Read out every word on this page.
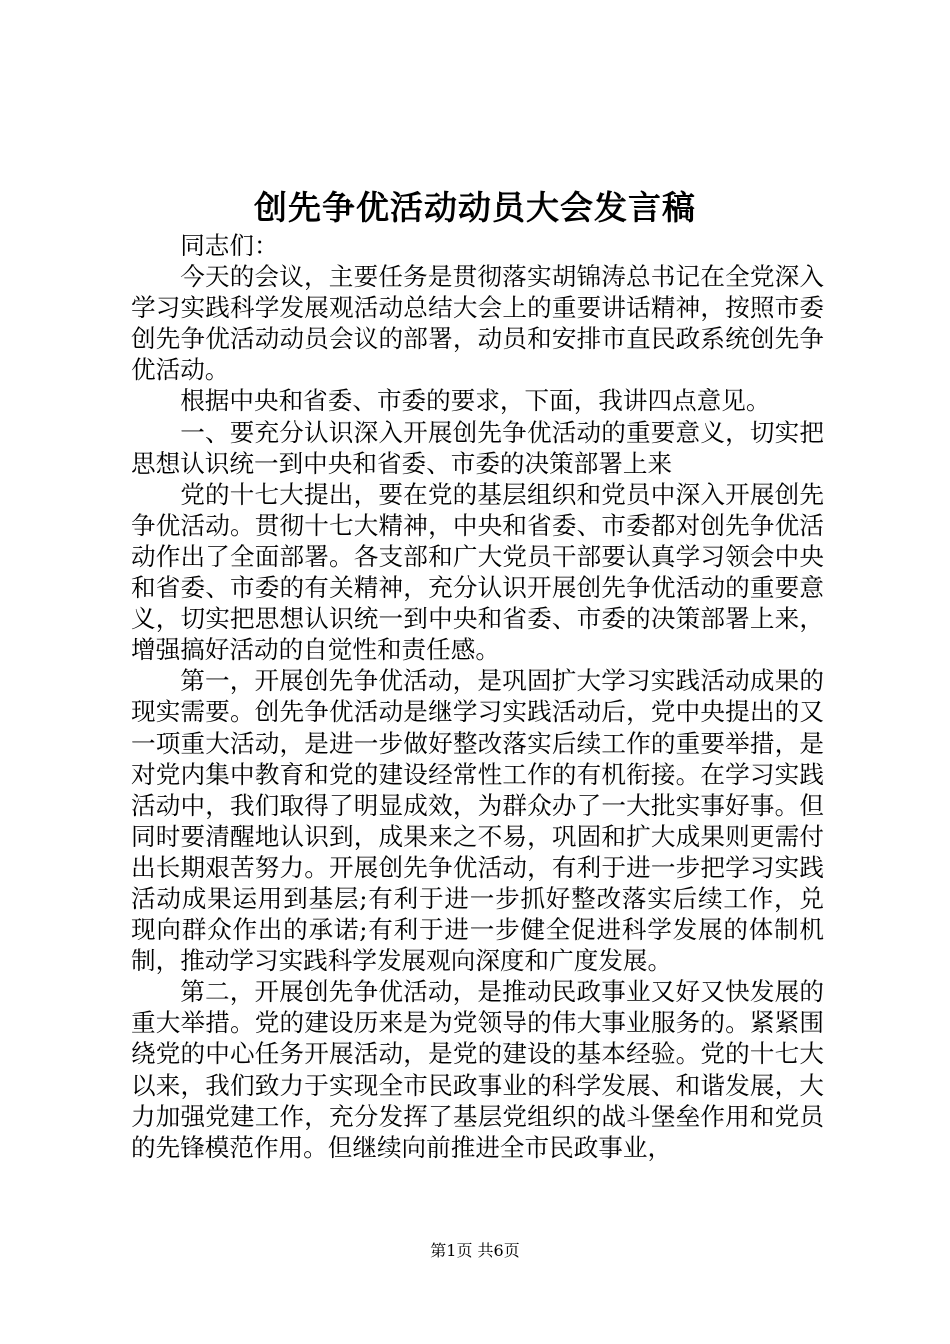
创先争优活动动员大会发言稿

同志们：

今天的会议，主要任务是贯彻落实胡锦涛总书记在全党深入学习实践科学发展观活动总结大会上的重要讲话精神，按照市委创先争优活动动员会议的部署，动员和安排市直民政系统创先争优活动。

根据中央和省委、市委的要求，下面，我讲四点意见。

一、要充分认识深入开展创先争优活动的重要意义，切实把思想认识统一到中央和省委、市委的决策部署上来

党的十七大提出，要在党的基层组织和党员中深入开展创先争优活动。贯彻十七大精神，中央和省委、市委都对创先争优活动作出了全面部署。各支部和广大党员干部要认真学习领会中央和省委、市委的有关精神，充分认识开展创先争优活动的重要意义，切实把思想认识统一到中央和省委、市委的决策部署上来，增强搞好活动的自觉性和责任感。

第一，开展创先争优活动，是巩固扩大学习实践活动成果的现实需要。创先争优活动是继学习实践活动后，党中央提出的又一项重大活动，是进一步做好整改落实后续工作的重要举措，是对党内集中教育和党的建设经常性工作的有机衔接。在学习实践活动中，我们取得了明显成效，为群众办了一大批实事好事。但同时要清醒地认识到，成果来之不易，巩固和扩大成果则更需付出长期艰苦努力。开展创先争优活动，有利于进一步把学习实践活动成果运用到基层;有利于进一步抓好整改落实后续工作，兑现向群众作出的承诺;有利于进一步健全促进科学发展的体制机制，推动学习实践科学发展观向深度和广度发展。

第二，开展创先争优活动，是推动民政事业又好又快发展的重大举措。党的建设历来是为党领导的伟大事业服务的。紧紧围绕党的中心任务开展活动，是党的建设的基本经验。党的十七大以来，我们致力于实现全市民政事业的科学发展、和谐发展，大力加强党建工作，充分发挥了基层党组织的战斗堡垒作用和党员的先锋模范作用。但继续向前推进全市民政事业，

第1页 共6页
